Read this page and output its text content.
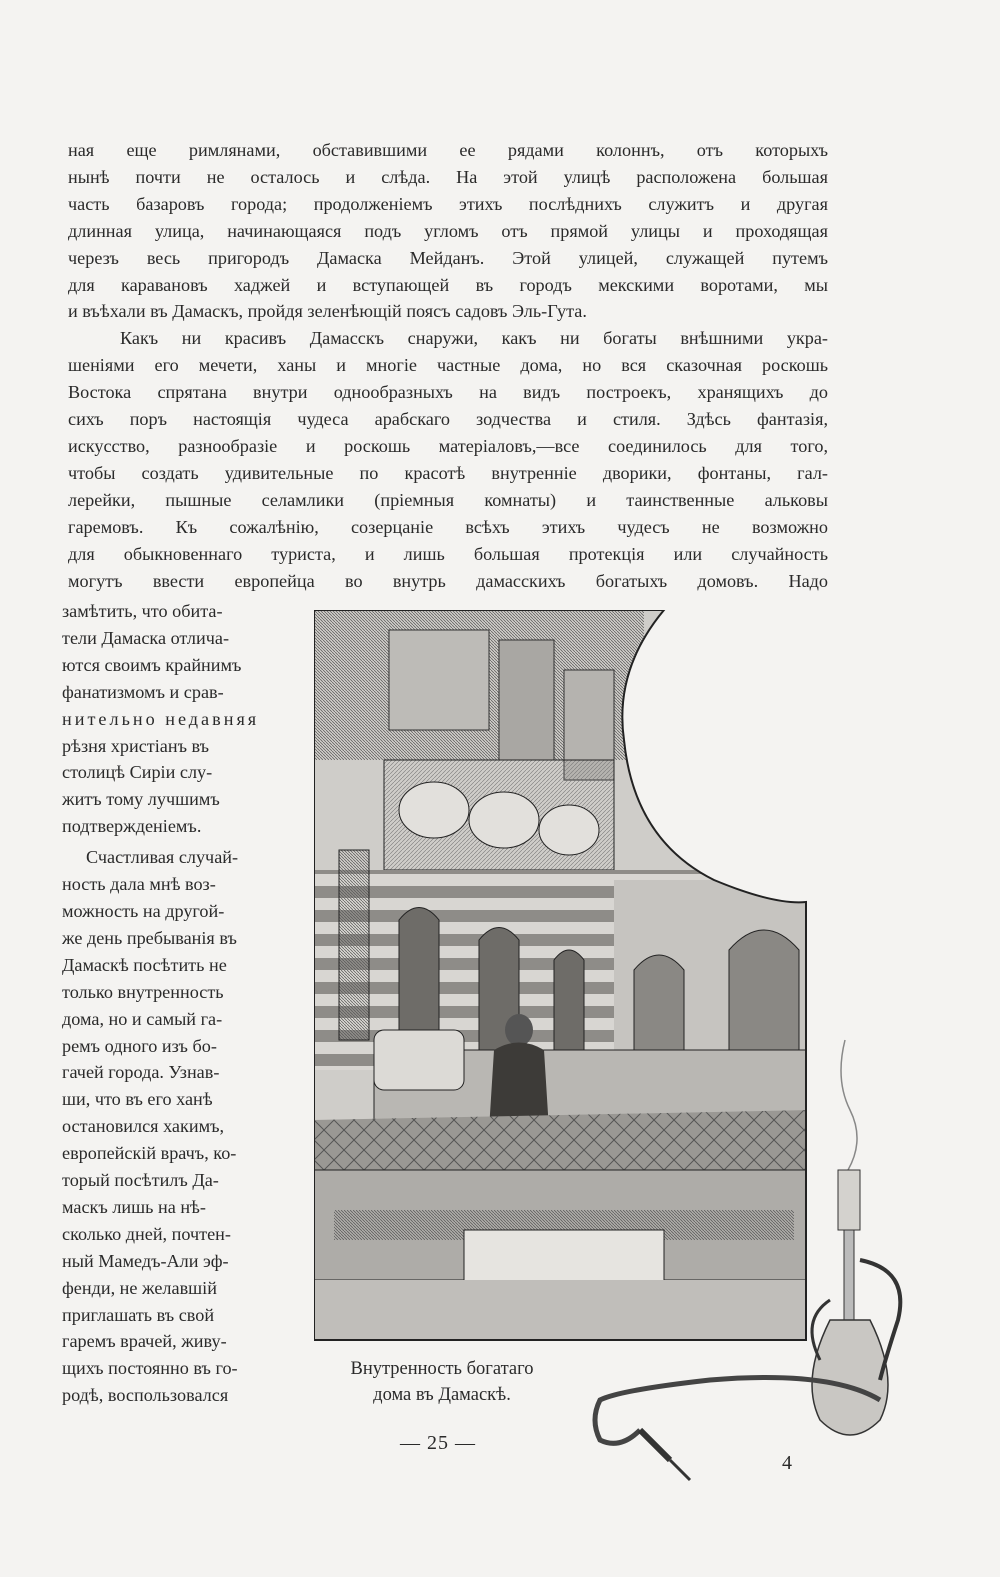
ная еще римлянами, обставившими ее рядами колоннъ, отъ которыхъ

нынѣ почти не осталось и слѣда. На этой улицѣ расположена большая

часть базаровъ города; продолженіемъ этихъ послѣднихъ служитъ и другая

длинная улица, начинающаяся подъ угломъ отъ прямой улицы и проходящая

черезъ весь пригородъ Дамаска Мейданъ. Этой улицей, служащей путемъ

для каравановъ хаджей и вступающей въ городъ мекскими воротами, мы

и въѣхали въ Дамаскъ, пройдя зеленѣющій поясъ садовъ Эль-Гута.

Какъ ни красивъ Дамасскъ снаружи, какъ ни богаты внѣшними укра-

шеніями его мечети, ханы и многіе частные дома, но вся сказочная роскошь

Востока спрятана внутри однообразныхъ на видъ построекъ, хранящихъ до

сихъ поръ настоящія чудеса арабскаго зодчества и стиля. Здѣсь фантазія,

искусство, разнообразіе и роскошь матеріаловъ,—все соединилось для того,

чтобы создать удивительные по красотѣ внутренніе дворики, фонтаны, гал-

лерейки, пышные селамлики (пріемныя комнаты) и таинственные альковы

гаремовъ. Къ сожалѣнію, созерцаніе всѣхъ этихъ чудесъ не возможно

для обыкновеннаго туриста, и лишь большая протекція или случайность

могутъ ввести европейца во внутрь дамасскихъ богатыхъ домовъ. Надо

замѣтить, что обита-

тели Дамаска отлича-

ются своимъ крайнимъ

фанатизмомъ и срав-

нительно недавняя

рѣзня христіанъ въ

столицѣ Сиріи слу-

житъ тому лучшимъ

подтвержденіемъ.

Счастливая случай-

ность дала мнѣ воз-

можность на другой-

же день пребыванія въ

Дамаскѣ посѣтить не

только внутренность

дома, но и самый га-

ремъ одного изъ бо-

гачей города. Узнав-

ши, что въ его ханѣ

остановился хакимъ,

европейскій врачъ, ко-

торый посѣтилъ Да-

маскъ лишь на нѣ-

сколько дней, почтен-

ный Мамедъ-Али эф-

фенди, не желавшій

приглашать въ свой

гаремъ врачей, живу-

щихъ постоянно въ го-

родѣ, воспользовался

Внутренность богатаго
дома въ Дамаскѣ.
— 25 —
4
